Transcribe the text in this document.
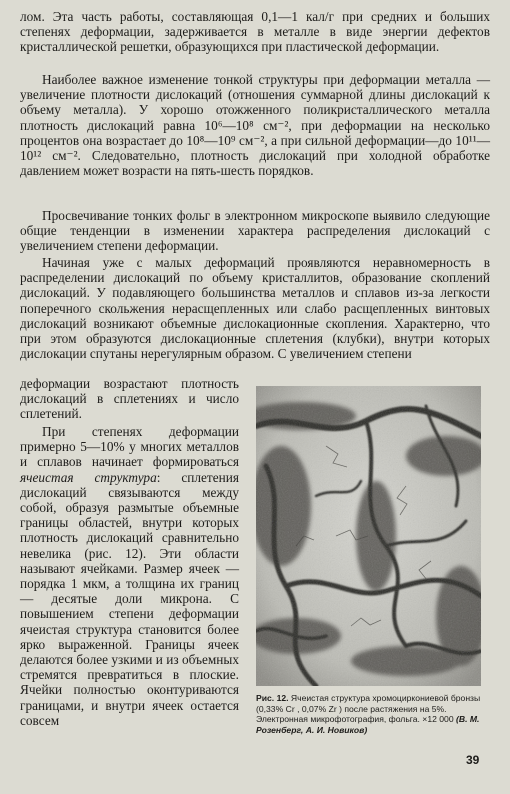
лом. Эта часть работы, составляющая 0,1—1 кал/г при средних и больших степенях деформации, задерживается в металле в виде энергии дефектов кристаллической решетки, образующихся при пластической деформации.

Наиболее важное изменение тонкой структуры при деформации металла — увеличение плотности дислокаций (отношения суммарной длины дислокаций к объему металла). У хорошо отожженного поликристаллического металла плотность дислокаций равна 10⁶—10⁸ см⁻², при деформации на несколько процентов она возрастает до 10⁸—10⁹ см⁻², а при сильной деформации—до 10¹¹—10¹² см⁻². Следовательно, плотность дислокаций при холодной обработке давлением может возрасти на пять-шесть порядков.

Просвечивание тонких фольг в электронном микроскопе выявило следующие общие тенденции в изменении характера распределения дислокаций с увеличением степени деформации.

Начиная уже с малых деформаций проявляются неравномерность в распределении дислокаций по объему кристаллитов, образование скоплений дислокаций. У подавляющего большинства металлов и сплавов из-за легкости поперечного скольжения нерасщепленных или слабо расщепленных винтовых дислокаций возникают объемные дислокационные скопления. Характерно, что при этом образуются дислокационные сплетения (клубки), внутри которых дислокации спутаны нерегулярным образом. С увеличением степени

деформации возрастают плотность дислокаций в сплетениях и число сплетений.

При степенях деформации примерно 5—10% у многих металлов и сплавов начинает формироваться ячеистая структура: сплетения дислокаций связываются между собой, образуя размытые объемные границы областей, внутри которых плотность дислокаций сравнительно невелика (рис. 12). Эти области называют ячейками. Размер ячеек — порядка 1 мкм, а толщина их границ — десятые доли микрона. С повышением степени деформации ячеистая структура становится более ярко выраженной. Границы ячеек делаются более узкими и из объемных стремятся превратиться в плоские. Ячейки полностью оконтуриваются границами, и внутри ячеек остается совсем

Рис. 12. Ячеистая структура хромоциркониевой бронзы (0,33% Cr , 0,07% Zr ) после растяжения на 5%. Электронная микрофотография, фольга. ×12 000 (В. М. Розенберг, А. И. Новиков)

39
